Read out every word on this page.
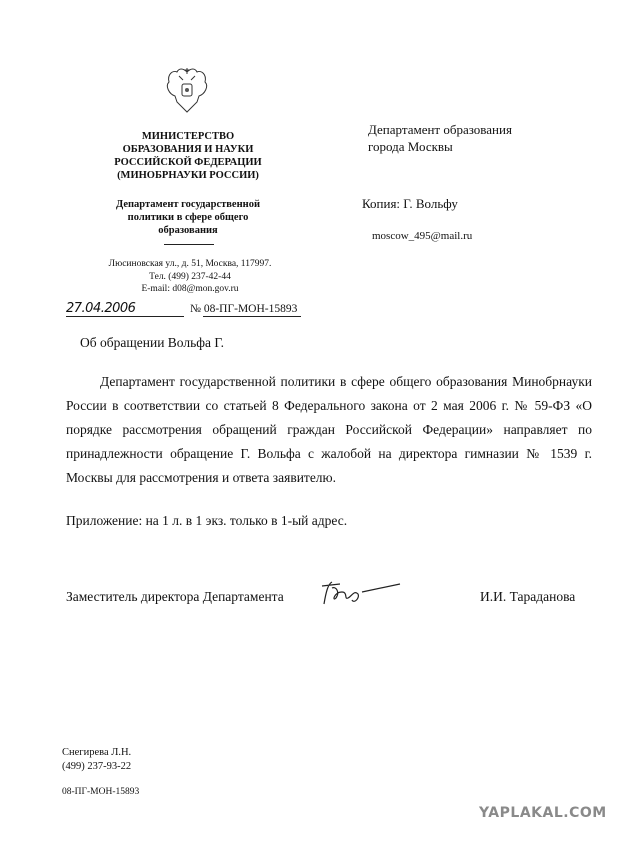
МИНИСТЕРСТВО
ОБРАЗОВАНИЯ И НАУКИ
РОССИЙСКОЙ ФЕДЕРАЦИИ
(МИНОБРНАУКИ РОССИИ)
Департамент государственной
политики в сфере общего
образования
Люсиновская ул., д. 51, Москва, 117997.
Тел. (499) 237-42-44
E-mail: d08@mon.gov.ru
Департамент образования
города Москвы
Копия: Г. Вольфу
moscow_495@mail.ru
27.04.2006	№ 08-ПГ-МОН-15893
Об обращении Вольфа Г.
Департамент государственной политики в сфере общего образования Минобрнауки России в соответствии со статьей 8 Федерального закона от 2 мая 2006 г. № 59-ФЗ «О порядке рассмотрения обращений граждан Российской Федерации» направляет по принадлежности обращение Г. Вольфа с жалобой на директора гимназии № 1539 г. Москвы для рассмотрения и ответа заявителю.
Приложение: на 1 л. в 1 экз. только в 1-ый адрес.
Заместитель директора Департамента	И.И. Тараданова
Снегирева Л.Н.
(499) 237-93-22
08-ПГ-МОН-15893
YAPLAKAL.COM
